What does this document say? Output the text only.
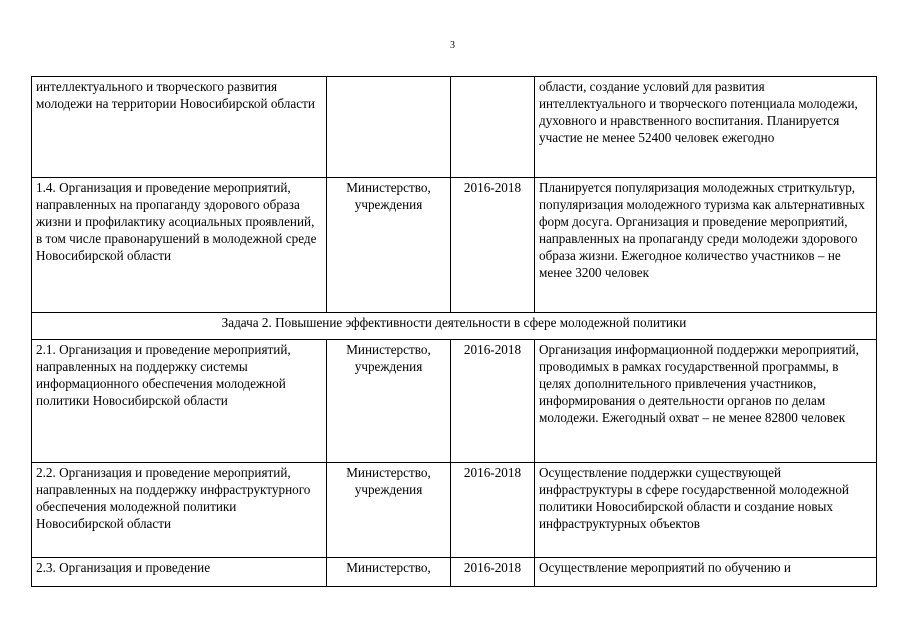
3
интеллектуального и творческого развития молодежи на территории Новосибирской области			области, создание условий для развития интеллектуального и творческого потенциала молодежи, духовного и нравственного воспитания. Планируется участие не менее 52400 человек ежегодно
1.4. Организация и проведение мероприятий, направленных на пропаганду здорового образа жизни и профилактику асоциальных проявлений, в том числе правонарушений в молодежной среде Новосибирской области	Министерство, учреждения	2016-2018	Планируется популяризация молодежных стриткультур, популяризация молодежного туризма как альтернативных форм досуга. Организация и проведение мероприятий, направленных на пропаганду среди молодежи здорового образа жизни. Ежегодное количество участников – не менее 3200 человек
Задача 2. Повышение эффективности деятельности в сфере молодежной политики			
2.1. Организация и проведение мероприятий, направленных на поддержку системы информационного обеспечения молодежной политики Новосибирской области	Министерство, учреждения	2016-2018	Организация информационной поддержки мероприятий, проводимых в рамках государственной программы, в целях дополнительного привлечения участников, информирования о деятельности органов по делам молодежи. Ежегодный охват – не менее 82800 человек
2.2. Организация и проведение мероприятий, направленных на поддержку инфраструктурного обеспечения молодежной политики Новосибирской области	Министерство, учреждения	2016-2018	Осуществление поддержки существующей инфраструктуры в сфере государственной молодежной политики Новосибирской области и создание новых инфраструктурных объектов
2.3. Организация и проведение	Министерство,	2016-2018	Осуществление мероприятий по обучению и
